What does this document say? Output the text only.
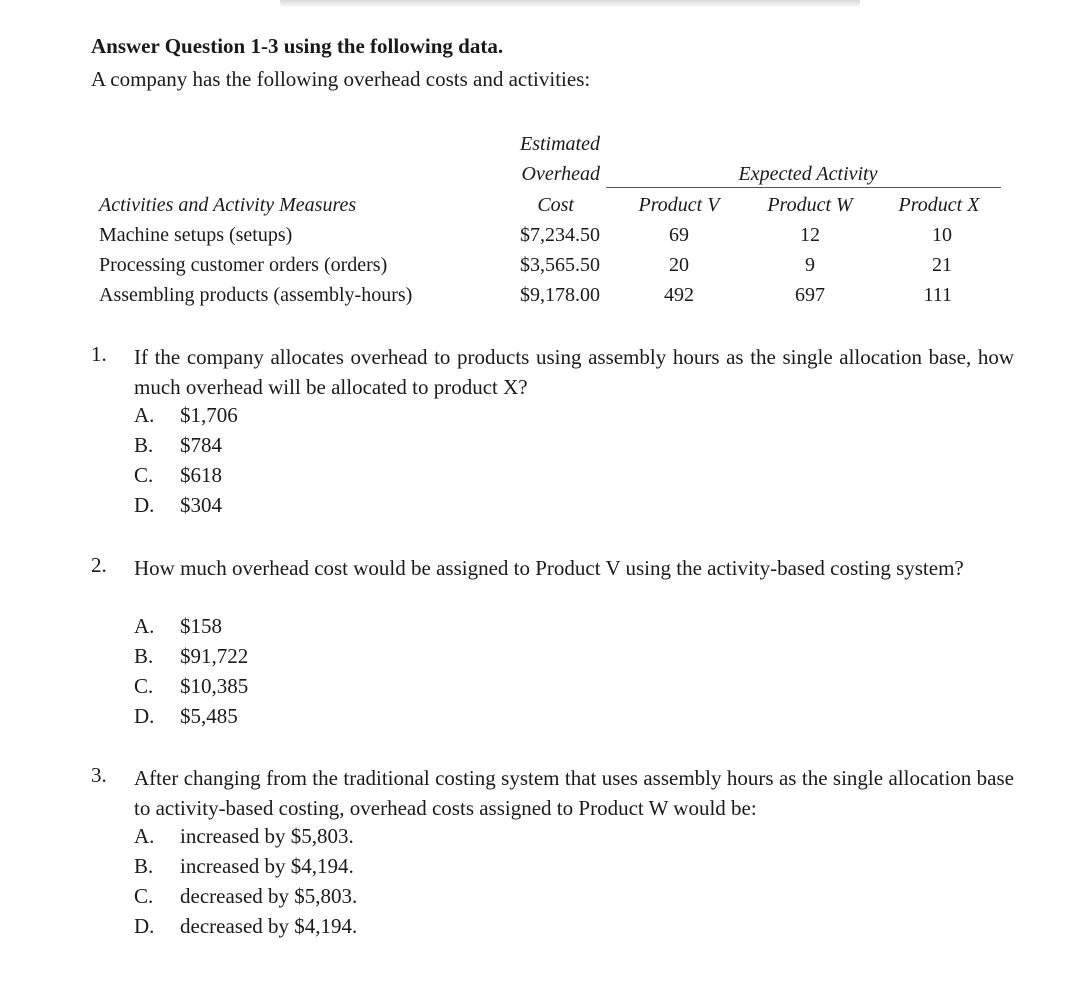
Answer Question 1-3 using the following data.
A company has the following overhead costs and activities:
Estimated
Overhead	Expected Activity
Activities and Activity Measures	Cost	Product V	Product W	Product X
Machine setups (setups)	$7,234.50	69	12	10
Processing customer orders (orders)	$3,565.50	20	9	21
Assembling products (assembly-hours)	$9,178.00	492	697	111
1. If the company allocates overhead to products using assembly hours as the single allocation base, how much overhead will be allocated to product X?
A. $1,706
B. $784
C. $618
D. $304
2. How much overhead cost would be assigned to Product V using the activity-based costing system?
A. $158
B. $91,722
C. $10,385
D. $5,485
3. After changing from the traditional costing system that uses assembly hours as the single allocation base to activity-based costing, overhead costs assigned to Product W would be:
A. increased by $5,803.
B. increased by $4,194.
C. decreased by $5,803.
D. decreased by $4,194.
